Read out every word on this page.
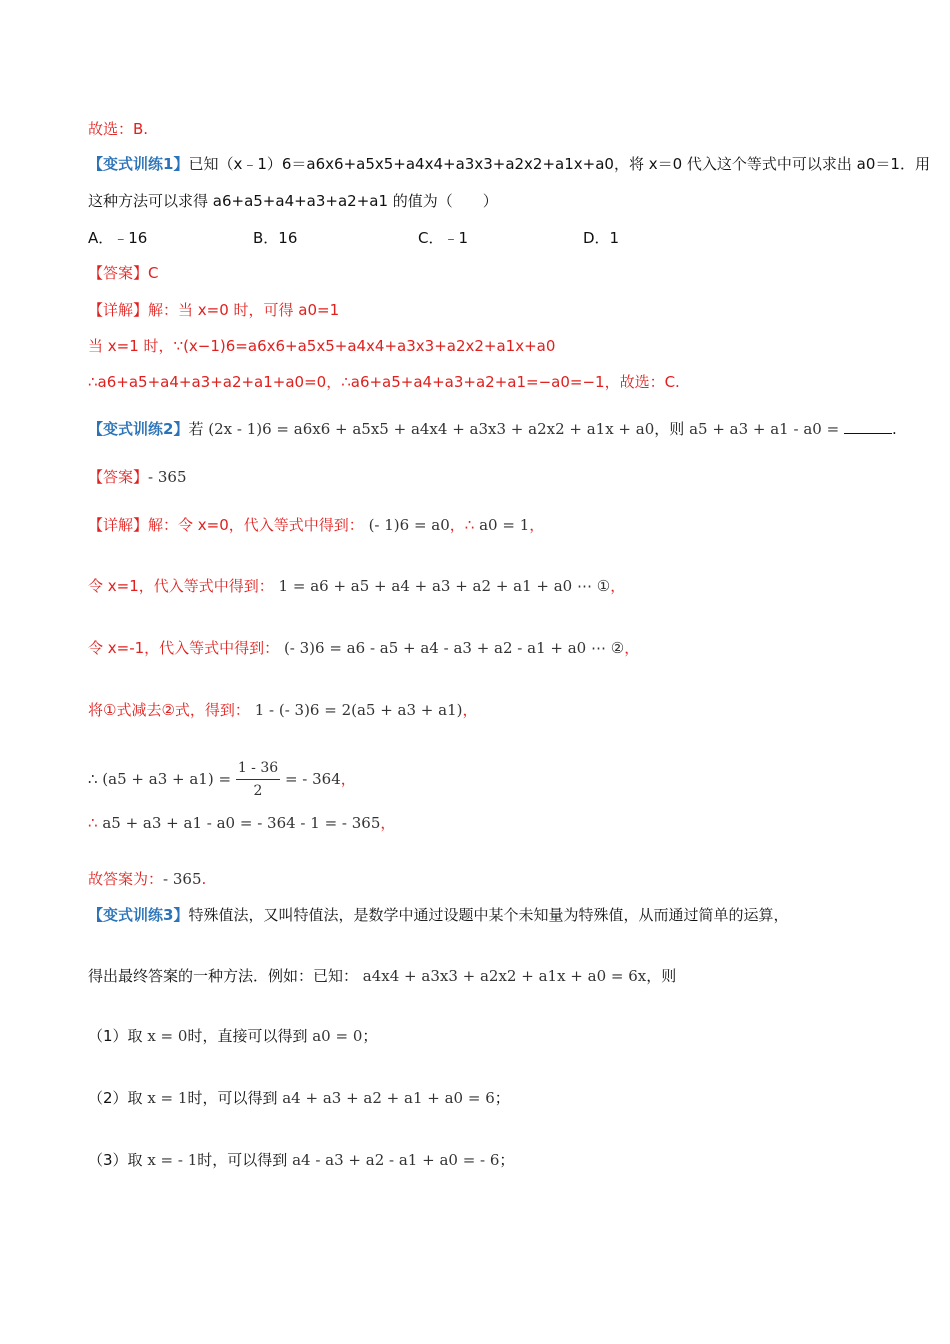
故选：B.
【变式训练1】已知（x﹣1）6＝a6x6+a5x5+a4x4+a3x3+a2x2+a1x+a0，将 x＝0 代入这个等式中可以求出 a0＝1．用
这种方法可以求得 a6+a5+a4+a3+a2+a1 的值为（　　）
A．﹣16	B．16	C．﹣1	D．1
【答案】C
【详解】解：当 x=0 时，可得 a0=1
当 x=1 时，∵(x−1)6=a6x6+a5x5+a4x4+a3x3+a2x2+a1x+a0
∴a6+a5+a4+a3+a2+a1+a0=0，∴a6+a5+a4+a3+a2+a1=−a0=−1，故选：C.
【变式训练2】若 (2x - 1)6 = a6x6 + a5x5 + a4x4 + a3x3 + a2x2 + a1x + a0，则 a5 + a3 + a1 - a0 =	.
【答案】- 365
【详解】解：令 x=0，代入等式中得到： (- 1)6 = a0，∴ a0 = 1，
令 x=1，代入等式中得到： 1 = a6 + a5 + a4 + a3 + a2 + a1 + a0 ⋯ ①，
令 x=-1，代入等式中得到： (- 3)6 = a6 - a5 + a4 - a3 + a2 - a1 + a0 ⋯ ②，
将①式减去②式，得到： 1 - (- 3)6 = 2(a5 + a3 + a1)，
∴ $(a5 + a3 + a1) = \frac{1 - 36}{2}$ = - 364，
∴ a5 + a3 + a1 - a0 = - 364 - 1 = - 365，
故答案为：- 365.
【变式训练3】特殊值法，又叫特值法，是数学中通过设题中某个未知量为特殊值，从而通过简单的运算，
得出最终答案的一种方法．例如：已知： a4x4 + a3x3 + a2x2 + a1x + a0 = 6x，则
（1）取 x = 0时，直接可以得到 a0 = 0；
（2）取 x = 1时，可以得到 a4 + a3 + a2 + a1 + a0 = 6；
（3）取 x = - 1时，可以得到 a4 - a3 + a2 - a1 + a0 = - 6；
